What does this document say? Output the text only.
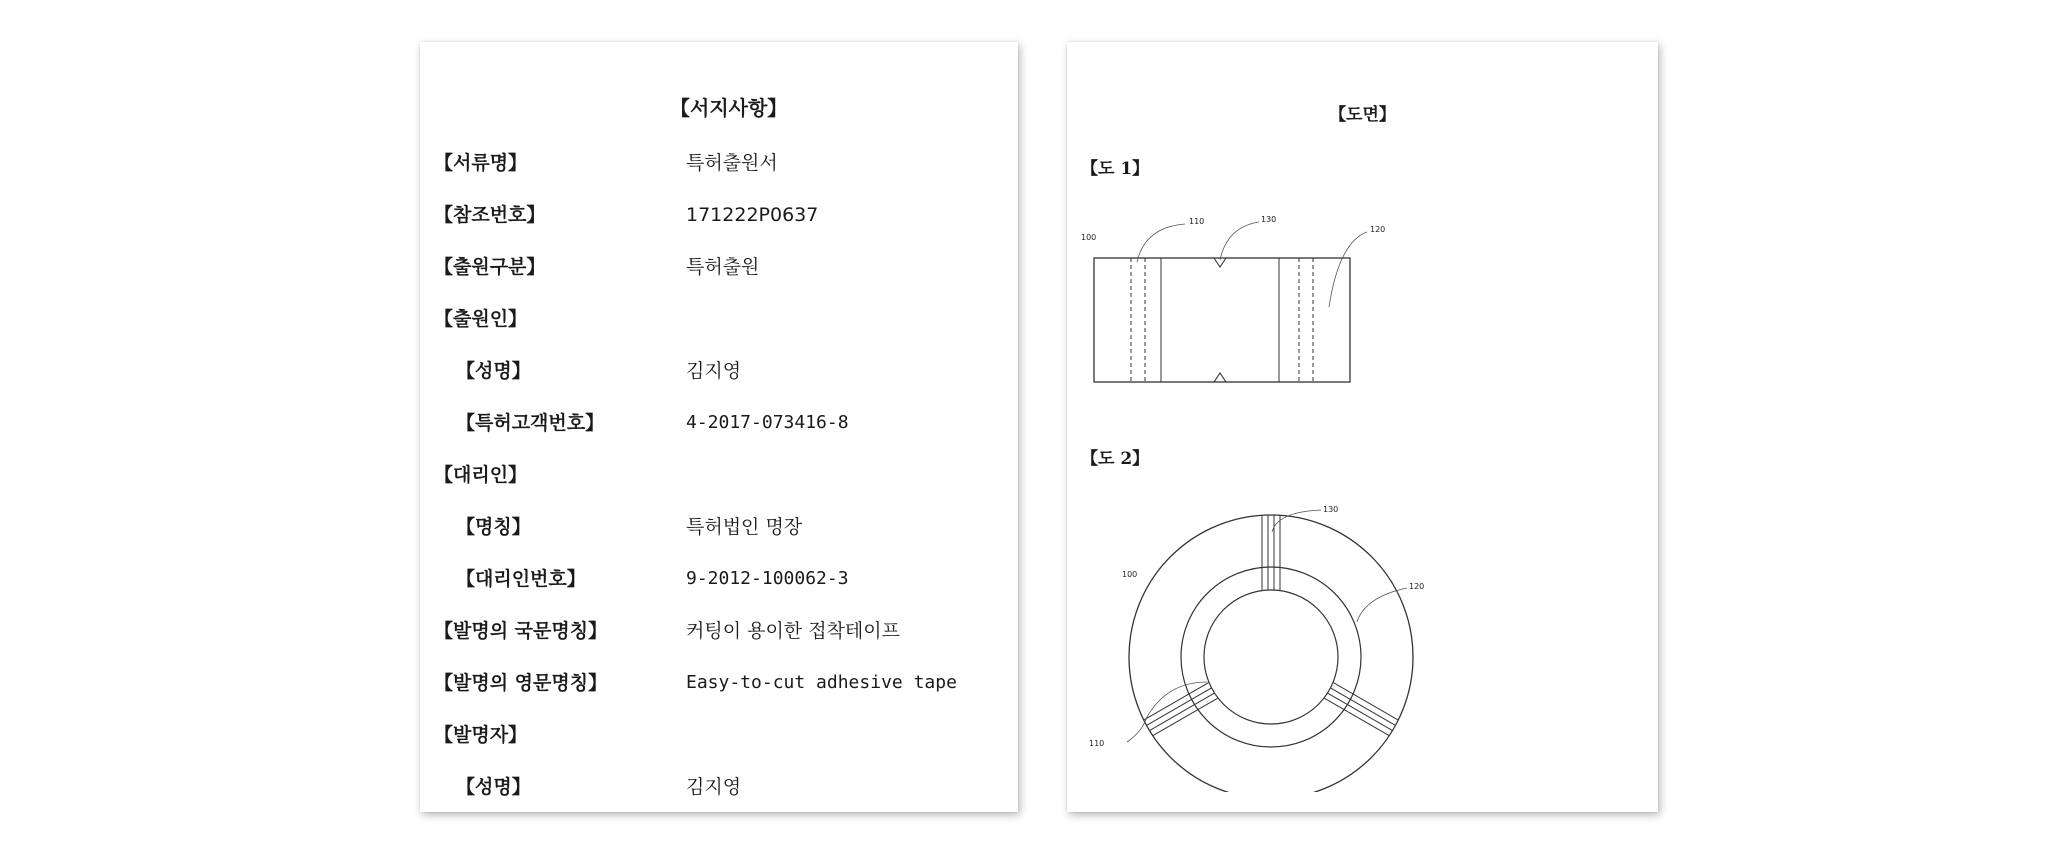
【서지사항】
【서류명】	특허출원서
【참조번호】	171222P0637
【출원구분】	특허출원
【출원인】
【성명】	김지영
【특허고객번호】	4-2017-073416-8
【대리인】
【명칭】	특허법인 명장
【대리인번호】	9-2012-100062-3
【발명의 국문명칭】	커팅이 용이한 접착테이프
【발명의 영문명칭】	Easy-to-cut adhesive tape
【발명자】
【성명】	김지영
【도면】
【도 1】
100
110	130
120
【도 2】
130
100
120
110
